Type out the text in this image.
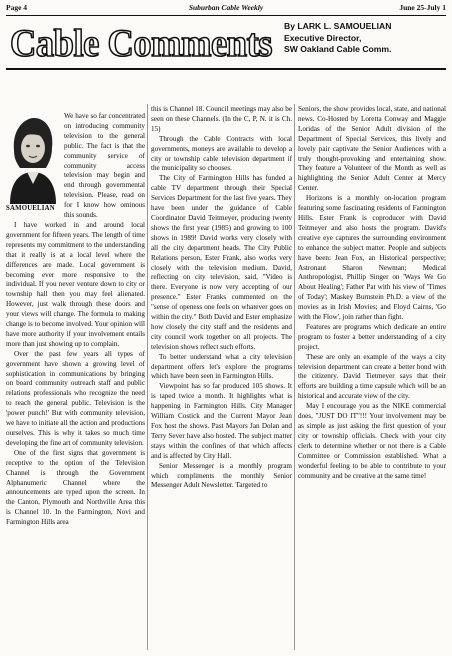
Page 4	Suburban Cable Weekly	June 25-July 1
Cable Comments By LARK L. SAMOUELIAN
Executive Director,
SW Oakland Cable Comm.
SAMOUELIAN

We have so far concentrated on introducing community television to the general public. The fact is that the community service of community access television may begin and end through governmental television. Please, read on for I know how ominous this sounds.

I have worked in and around local government for fifteen years. The length of time represents my commitment to the understanding that it really is at a local level where the differences are made. Local government is becoming ever more responsive to the individual. If you never venture down to city or township hall then you may feel alienated. However, just walk through these doors and your views will change. The formula to making change is to become involved. Your opinion will have more authority if your involvement entails more than just showing up to complain.

Over the past few years all types of government have shown a growing level of sophistication in communications by bringing on board community outreach staff and public relations professionals who recognize the need to reach the general public. Television is the 'power punch!' But with community television, we have to initiate all the action and productions ourselves. This is why it takes so much time developing the fine art of community television.

One of the first signs that government is receptive to the option of the Television Channel is through the Government Alphanumeric Channel where the announcements are typed upon the screen. In the Canton, Plymouth and Northville Area this is Channel 10. In the Farmington, Novi and Farmington Hills area

this is Channel 18. Council meetings may also be seen on these Channels. (In the C, P, N. it is Ch. 15)

Through the Cable Contracts with local governments, moneys are available to develop a city or township cable television department if the municipality so chooses.

The City of Farmington Hills has funded a cable TV department through their Special Services Department for the last five years. They have been under the guidance of Cable Coordinator David Teitmeyer, producing twenty shows the first year (1985) and growing to 100 shows in 1989! David works very closely with all the city department heads. The City Public Relations person, Ester Frank, also works very closely with the television medium. David, reflecting on city television, said, "Video is there. Everyone is now very accepting of our presence." Ester Franks commented on the "sense of openess one feels on whatever goes on within the city." Both David and Ester emphasize how closely the city staff and the residents and city council work together on all projects. The television shows reflect such efforts.

To better understand what a city television department offers let's explore the programs which have been seen in Farmington Hills.

Viewpoint has so far produced 105 shows. It is taped twice a month. It highlights what is happening in Farmington Hills. City Manager William Costick and the Current Mayor Jean Fox host the shows. Past Mayors Jan Dolan and Terry Sever have also hosted. The subject matter stays within the confines of that which affects and is affected by City Hall.

Senior Messenger is a monthly program which compliments the monthly Senior Messenger Adult Newsletter. Targeted to

Seniors, the show provides local, state, and national news. Co-Hosted by Loretta Conway and Maggie Loridas of the Senior Adult division of the Department of Special Services, this lively and lovely pair captivate the Senior Audiences with a truly thought-provoking and entertaining show. They feature a Volunteer of the Month as well as highlighting the Senior Adult Center at Mercy Center.

Horizons is a monthly on-location program featuring some fascinating residents of Farmington Hills. Ester Frank is coproducer with David Teitmeyer and also hosts the program. David's creative eye captures the surrounding environment to enhance the subject matter. People and subjects have been: Jean Fox, an Historical perspective; Astronaut Sharon Newman; Medical Anthropologist, Phillip Singer on 'Ways We Go About Healing'; Father Pat with his view of 'Times of Today'; Maskey Burnstein Ph.D. a view of the movies as in Irish Movies; and Floyd Cairns, 'Go with the Flow', join rather than fight.

Features are programs which dedicate an entire program to foster a better understanding of a city project.

These are only an example of the ways a city television department can create a better bond with the citizenry. David Tietmeyer says that their efforts are building a time capsule which will be an historical and accurate view of the city.

May I encourage you as the NIKE commercial does, "JUST DO IT"!!! Your involvement may be as simple as just asking the first question of your city or township officials. Check with your city clerk to determine whether or not there is a Cable Committee or Commission established. What a wonderful feeling to be able to contribute to your community and be creative at the same time!
